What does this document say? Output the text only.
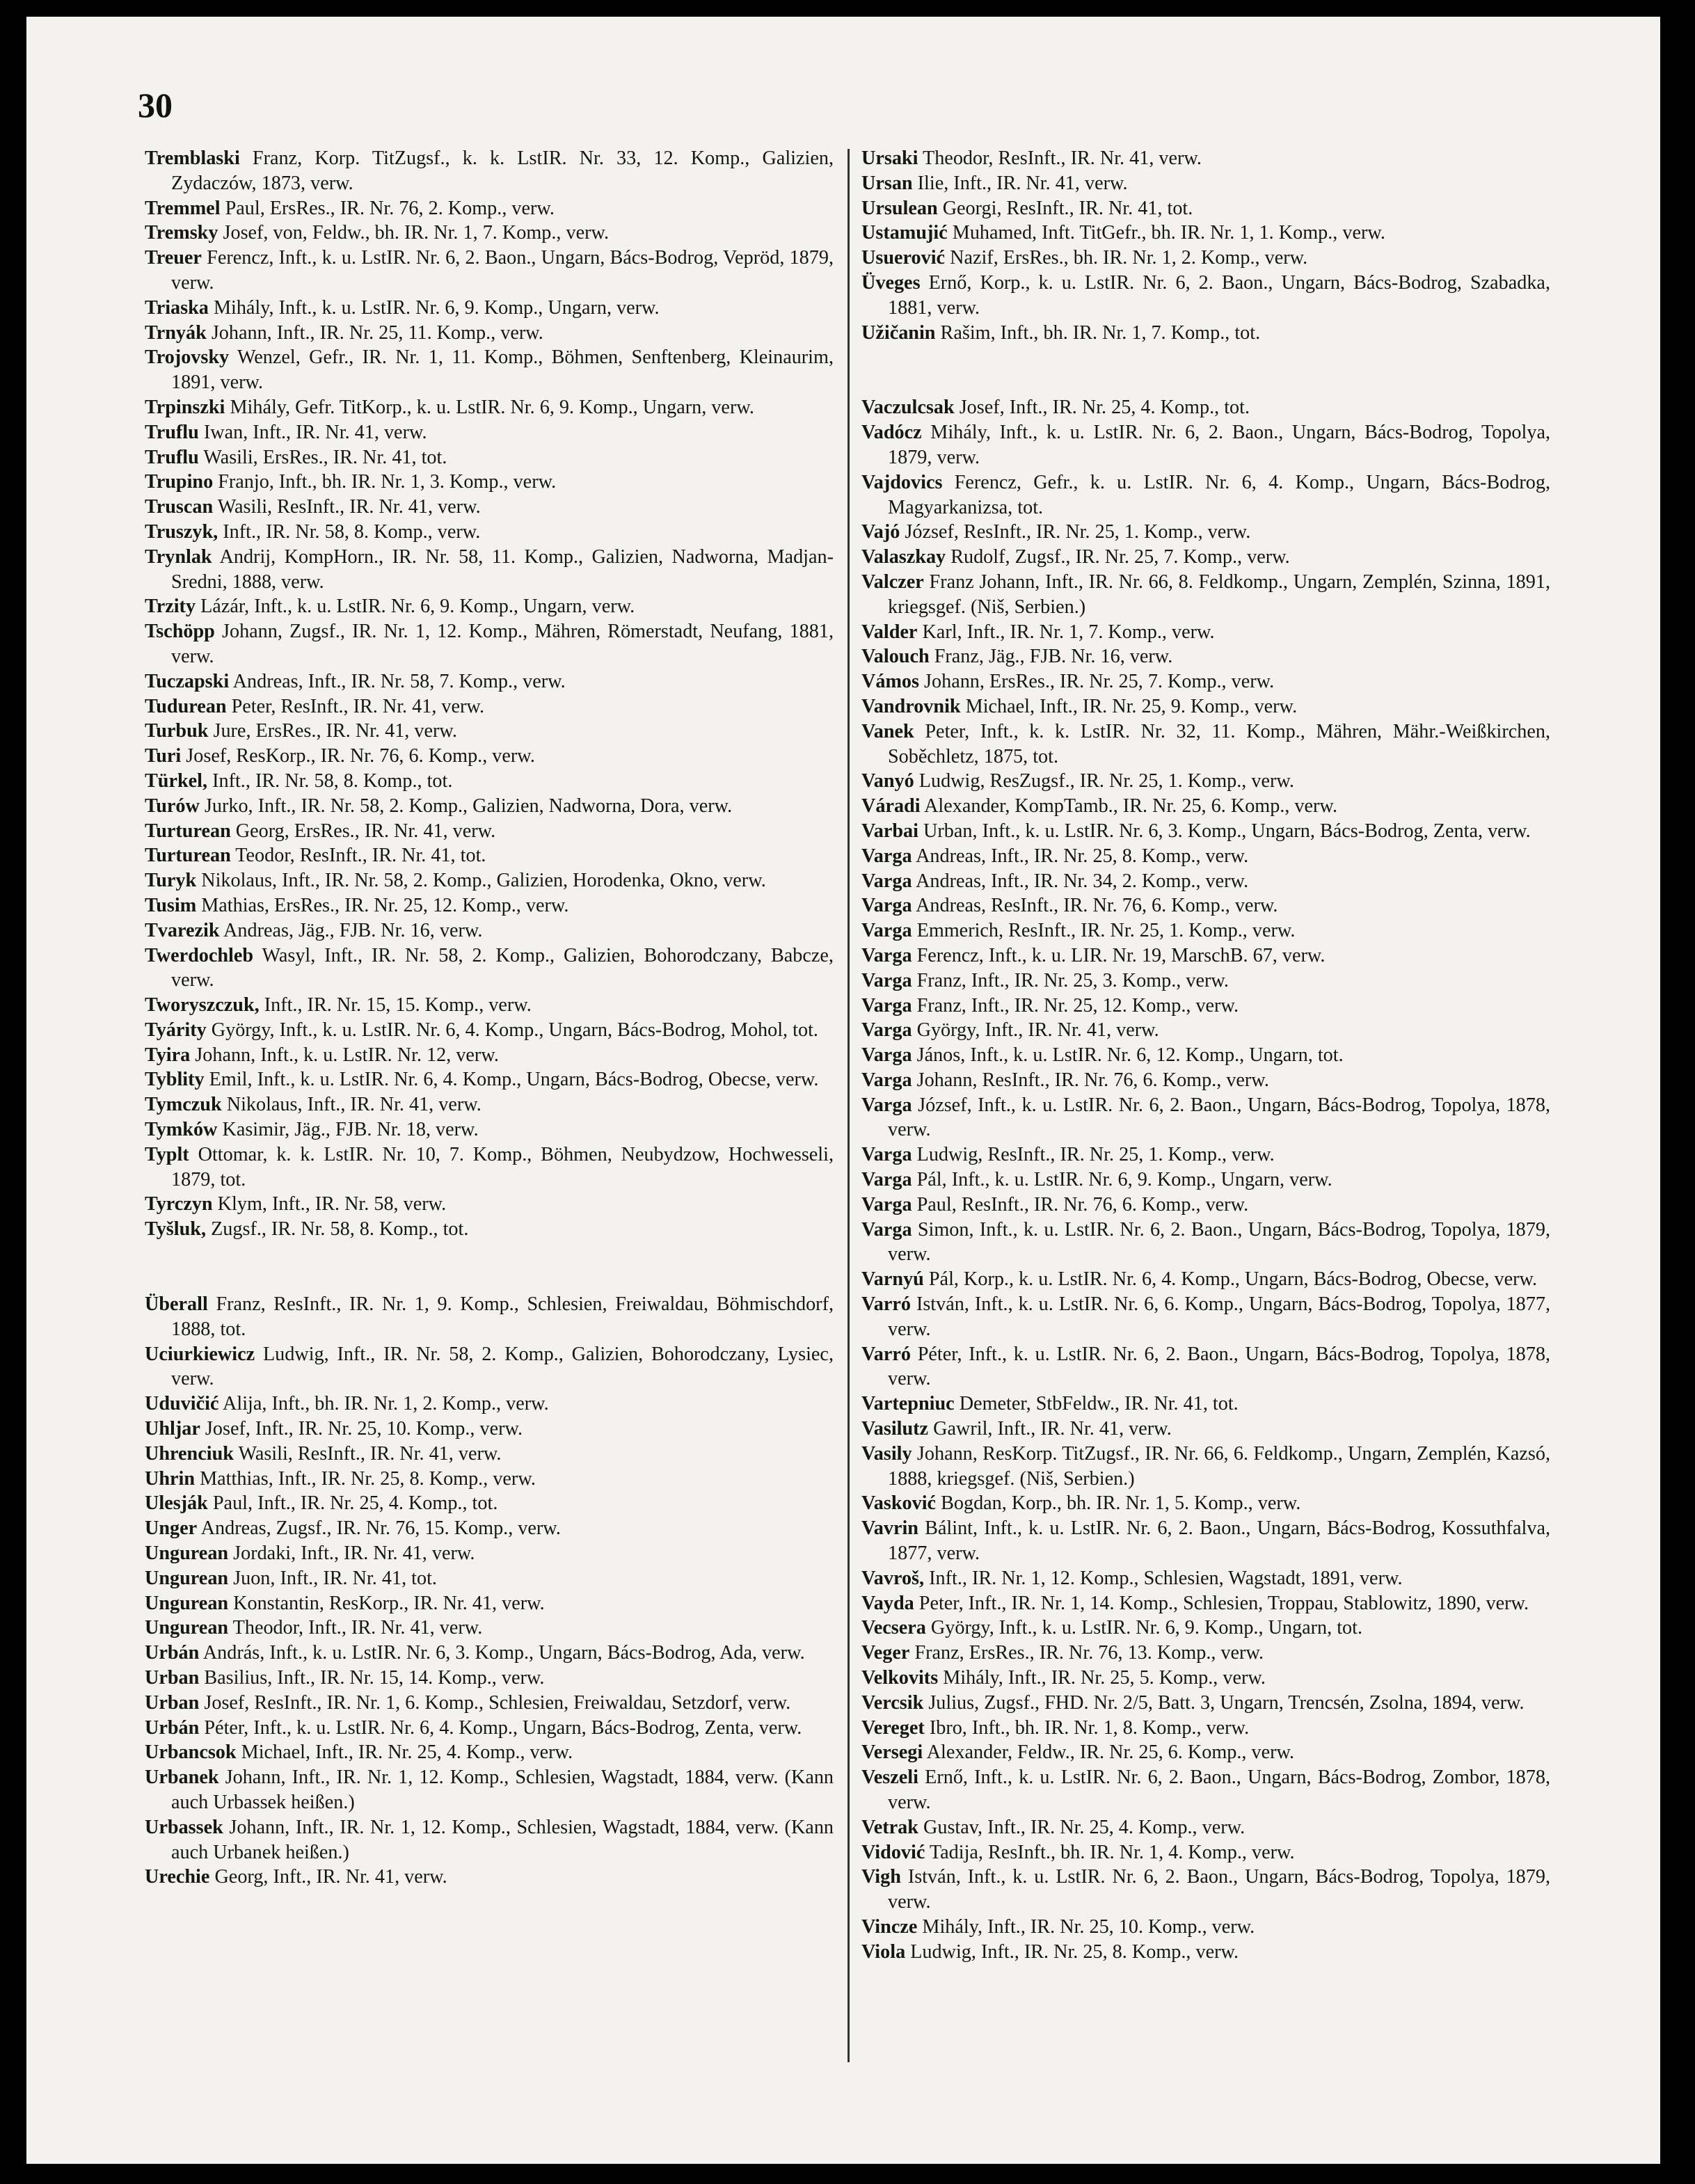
30

Tremblaski Franz, Korp. TitZugsf., k. k. LstIR. Nr. 33, 12. Komp., Galizien, Zydaczów, 1873, verw.

Tremmel Paul, ErsRes., IR. Nr. 76, 2. Komp., verw.

Tremsky Josef, von, Feldw., bh. IR. Nr. 1, 7. Komp., verw.

Treuer Ferencz, Inft., k. u. LstIR. Nr. 6, 2. Baon., Ungarn, Bács-Bodrog, Vepröd, 1879, verw.

Triaska Mihály, Inft., k. u. LstIR. Nr. 6, 9. Komp., Ungarn, verw.

Trnyák Johann, Inft., IR. Nr. 25, 11. Komp., verw.

Trojovsky Wenzel, Gefr., IR. Nr. 1, 11. Komp., Böhmen, Senftenberg, Kleinaurim, 1891, verw.

Trpinszki Mihály, Gefr. TitKorp., k. u. LstIR. Nr. 6, 9. Komp., Ungarn, verw.

Truflu Iwan, Inft., IR. Nr. 41, verw.

Truflu Wasili, ErsRes., IR. Nr. 41, tot.

Trupino Franjo, Inft., bh. IR. Nr. 1, 3. Komp., verw.

Truscan Wasili, ResInft., IR. Nr. 41, verw.

Truszyk, Inft., IR. Nr. 58, 8. Komp., verw.

Trynlak Andrij, KompHorn., IR. Nr. 58, 11. Komp., Galizien, Nadworna, Madjan-Sredni, 1888, verw.

Trzity Lázár, Inft., k. u. LstIR. Nr. 6, 9. Komp., Ungarn, verw.

Tschöpp Johann, Zugsf., IR. Nr. 1, 12. Komp., Mähren, Römerstadt, Neufang, 1881, verw.

Tuczapski Andreas, Inft., IR. Nr. 58, 7. Komp., verw.

Tudurean Peter, ResInft., IR. Nr. 41, verw.

Turbuk Jure, ErsRes., IR. Nr. 41, verw.

Turi Josef, ResKorp., IR. Nr. 76, 6. Komp., verw.

Türkel, Inft., IR. Nr. 58, 8. Komp., tot.

Turów Jurko, Inft., IR. Nr. 58, 2. Komp., Galizien, Nadworna, Dora, verw.

Turturean Georg, ErsRes., IR. Nr. 41, verw.

Turturean Teodor, ResInft., IR. Nr. 41, tot.

Turyk Nikolaus, Inft., IR. Nr. 58, 2. Komp., Galizien, Horodenka, Okno, verw.

Tusim Mathias, ErsRes., IR. Nr. 25, 12. Komp., verw.

Tvarezik Andreas, Jäg., FJB. Nr. 16, verw.

Twerdochleb Wasyl, Inft., IR. Nr. 58, 2. Komp., Galizien, Bohorodczany, Babcze, verw.

Tworyszczuk, Inft., IR. Nr. 15, 15. Komp., verw.

Tyárity György, Inft., k. u. LstIR. Nr. 6, 4. Komp., Ungarn, Bács-Bodrog, Mohol, tot.

Tyira Johann, Inft., k. u. LstIR. Nr. 12, verw.

Tyblity Emil, Inft., k. u. LstIR. Nr. 6, 4. Komp., Ungarn, Bács-Bodrog, Obecse, verw.

Tymczuk Nikolaus, Inft., IR. Nr. 41, verw.

Tymków Kasimir, Jäg., FJB. Nr. 18, verw.

Typlt Ottomar, k. k. LstIR. Nr. 10, 7. Komp., Böhmen, Neubydzow, Hochwesseli, 1879, tot.

Tyrczyn Klym, Inft., IR. Nr. 58, verw.

Tyšluk, Zugsf., IR. Nr. 58, 8. Komp., tot.

Überall Franz, ResInft., IR. Nr. 1, 9. Komp., Schlesien, Freiwaldau, Böhmischdorf, 1888, tot.

Uciurkiewicz Ludwig, Inft., IR. Nr. 58, 2. Komp., Galizien, Bohorodczany, Lysiec, verw.

Uduvičić Alija, Inft., bh. IR. Nr. 1, 2. Komp., verw.

Uhljar Josef, Inft., IR. Nr. 25, 10. Komp., verw.

Uhrenciuk Wasili, ResInft., IR. Nr. 41, verw.

Uhrin Matthias, Inft., IR. Nr. 25, 8. Komp., verw.

Ulesják Paul, Inft., IR. Nr. 25, 4. Komp., tot.

Unger Andreas, Zugsf., IR. Nr. 76, 15. Komp., verw.

Ungurean Jordaki, Inft., IR. Nr. 41, verw.

Ungurean Juon, Inft., IR. Nr. 41, tot.

Ungurean Konstantin, ResKorp., IR. Nr. 41, verw.

Ungurean Theodor, Inft., IR. Nr. 41, verw.

Urbán András, Inft., k. u. LstIR. Nr. 6, 3. Komp., Ungarn, Bács-Bodrog, Ada, verw.

Urban Basilius, Inft., IR. Nr. 15, 14. Komp., verw.

Urban Josef, ResInft., IR. Nr. 1, 6. Komp., Schlesien, Freiwaldau, Setzdorf, verw.

Urbán Péter, Inft., k. u. LstIR. Nr. 6, 4. Komp., Ungarn, Bács-Bodrog, Zenta, verw.

Urbancsok Michael, Inft., IR. Nr. 25, 4. Komp., verw.

Urbanek Johann, Inft., IR. Nr. 1, 12. Komp., Schlesien, Wagstadt, 1884, verw. (Kann auch Urbassek heißen.)

Urbassek Johann, Inft., IR. Nr. 1, 12. Komp., Schlesien, Wagstadt, 1884, verw. (Kann auch Urbanek heißen.)

Urechie Georg, Inft., IR. Nr. 41, verw.

Ursaki Theodor, ResInft., IR. Nr. 41, verw.

Ursan Ilie, Inft., IR. Nr. 41, verw.

Ursulean Georgi, ResInft., IR. Nr. 41, tot.

Ustamujić Muhamed, Inft. TitGefr., bh. IR. Nr. 1, 1. Komp., verw.

Usuerović Nazif, ErsRes., bh. IR. Nr. 1, 2. Komp., verw.

Üveges Ernő, Korp., k. u. LstIR. Nr. 6, 2. Baon., Ungarn, Bács-Bodrog, Szabadka, 1881, verw.

Užičanin Rašim, Inft., bh. IR. Nr. 1, 7. Komp., tot.

Vaczulcsak Josef, Inft., IR. Nr. 25, 4. Komp., tot.

Vadócz Mihály, Inft., k. u. LstIR. Nr. 6, 2. Baon., Ungarn, Bács-Bodrog, Topolya, 1879, verw.

Vajdovics Ferencz, Gefr., k. u. LstIR. Nr. 6, 4. Komp., Ungarn, Bács-Bodrog, Magyarkanizsa, tot.

Vajó József, ResInft., IR. Nr. 25, 1. Komp., verw.

Valaszkay Rudolf, Zugsf., IR. Nr. 25, 7. Komp., verw.

Valczer Franz Johann, Inft., IR. Nr. 66, 8. Feldkomp., Ungarn, Zemplén, Szinna, 1891, kriegsgef. (Niš, Serbien.)

Valder Karl, Inft., IR. Nr. 1, 7. Komp., verw.

Valouch Franz, Jäg., FJB. Nr. 16, verw.

Vámos Johann, ErsRes., IR. Nr. 25, 7. Komp., verw.

Vandrovnik Michael, Inft., IR. Nr. 25, 9. Komp., verw.

Vanek Peter, Inft., k. k. LstIR. Nr. 32, 11. Komp., Mähren, Mähr.-Weißkirchen, Soběchletz, 1875, tot.

Vanyó Ludwig, ResZugsf., IR. Nr. 25, 1. Komp., verw.

Váradi Alexander, KompTamb., IR. Nr. 25, 6. Komp., verw.

Varbai Urban, Inft., k. u. LstIR. Nr. 6, 3. Komp., Ungarn, Bács-Bodrog, Zenta, verw.

Varga Andreas, Inft., IR. Nr. 25, 8. Komp., verw.

Varga Andreas, Inft., IR. Nr. 34, 2. Komp., verw.

Varga Andreas, ResInft., IR. Nr. 76, 6. Komp., verw.

Varga Emmerich, ResInft., IR. Nr. 25, 1. Komp., verw.

Varga Ferencz, Inft., k. u. LIR. Nr. 19, MarschB. 67, verw.

Varga Franz, Inft., IR. Nr. 25, 3. Komp., verw.

Varga Franz, Inft., IR. Nr. 25, 12. Komp., verw.

Varga György, Inft., IR. Nr. 41, verw.

Varga János, Inft., k. u. LstIR. Nr. 6, 12. Komp., Ungarn, tot.

Varga Johann, ResInft., IR. Nr. 76, 6. Komp., verw.

Varga József, Inft., k. u. LstIR. Nr. 6, 2. Baon., Ungarn, Bács-Bodrog, Topolya, 1878, verw.

Varga Ludwig, ResInft., IR. Nr. 25, 1. Komp., verw.

Varga Pál, Inft., k. u. LstIR. Nr. 6, 9. Komp., Ungarn, verw.

Varga Paul, ResInft., IR. Nr. 76, 6. Komp., verw.

Varga Simon, Inft., k. u. LstIR. Nr. 6, 2. Baon., Ungarn, Bács-Bodrog, Topolya, 1879, verw.

Varnyú Pál, Korp., k. u. LstIR. Nr. 6, 4. Komp., Ungarn, Bács-Bodrog, Obecse, verw.

Varró István, Inft., k. u. LstIR. Nr. 6, 6. Komp., Ungarn, Bács-Bodrog, Topolya, 1877, verw.

Varró Péter, Inft., k. u. LstIR. Nr. 6, 2. Baon., Ungarn, Bács-Bodrog, Topolya, 1878, verw.

Vartepniuc Demeter, StbFeldw., IR. Nr. 41, tot.

Vasilutz Gawril, Inft., IR. Nr. 41, verw.

Vasily Johann, ResKorp. TitZugsf., IR. Nr. 66, 6. Feldkomp., Ungarn, Zemplén, Kazsó, 1888, kriegsgef. (Niš, Serbien.)

Vasković Bogdan, Korp., bh. IR. Nr. 1, 5. Komp., verw.

Vavrin Bálint, Inft., k. u. LstIR. Nr. 6, 2. Baon., Ungarn, Bács-Bodrog, Kossuthfalva, 1877, verw.

Vavroš, Inft., IR. Nr. 1, 12. Komp., Schlesien, Wagstadt, 1891, verw.

Vayda Peter, Inft., IR. Nr. 1, 14. Komp., Schlesien, Troppau, Stablowitz, 1890, verw.

Vecsera György, Inft., k. u. LstIR. Nr. 6, 9. Komp., Ungarn, tot.

Veger Franz, ErsRes., IR. Nr. 76, 13. Komp., verw.

Velkovits Mihály, Inft., IR. Nr. 25, 5. Komp., verw.

Vercsik Julius, Zugsf., FHD. Nr. 2/5, Batt. 3, Ungarn, Trencsén, Zsolna, 1894, verw.

Vereget Ibro, Inft., bh. IR. Nr. 1, 8. Komp., verw.

Versegi Alexander, Feldw., IR. Nr. 25, 6. Komp., verw.

Veszeli Ernő, Inft., k. u. LstIR. Nr. 6, 2. Baon., Ungarn, Bács-Bodrog, Zombor, 1878, verw.

Vetrak Gustav, Inft., IR. Nr. 25, 4. Komp., verw.

Vidović Tadija, ResInft., bh. IR. Nr. 1, 4. Komp., verw.

Vigh István, Inft., k. u. LstIR. Nr. 6, 2. Baon., Ungarn, Bács-Bodrog, Topolya, 1879, verw.

Vincze Mihály, Inft., IR. Nr. 25, 10. Komp., verw.

Viola Ludwig, Inft., IR. Nr. 25, 8. Komp., verw.
